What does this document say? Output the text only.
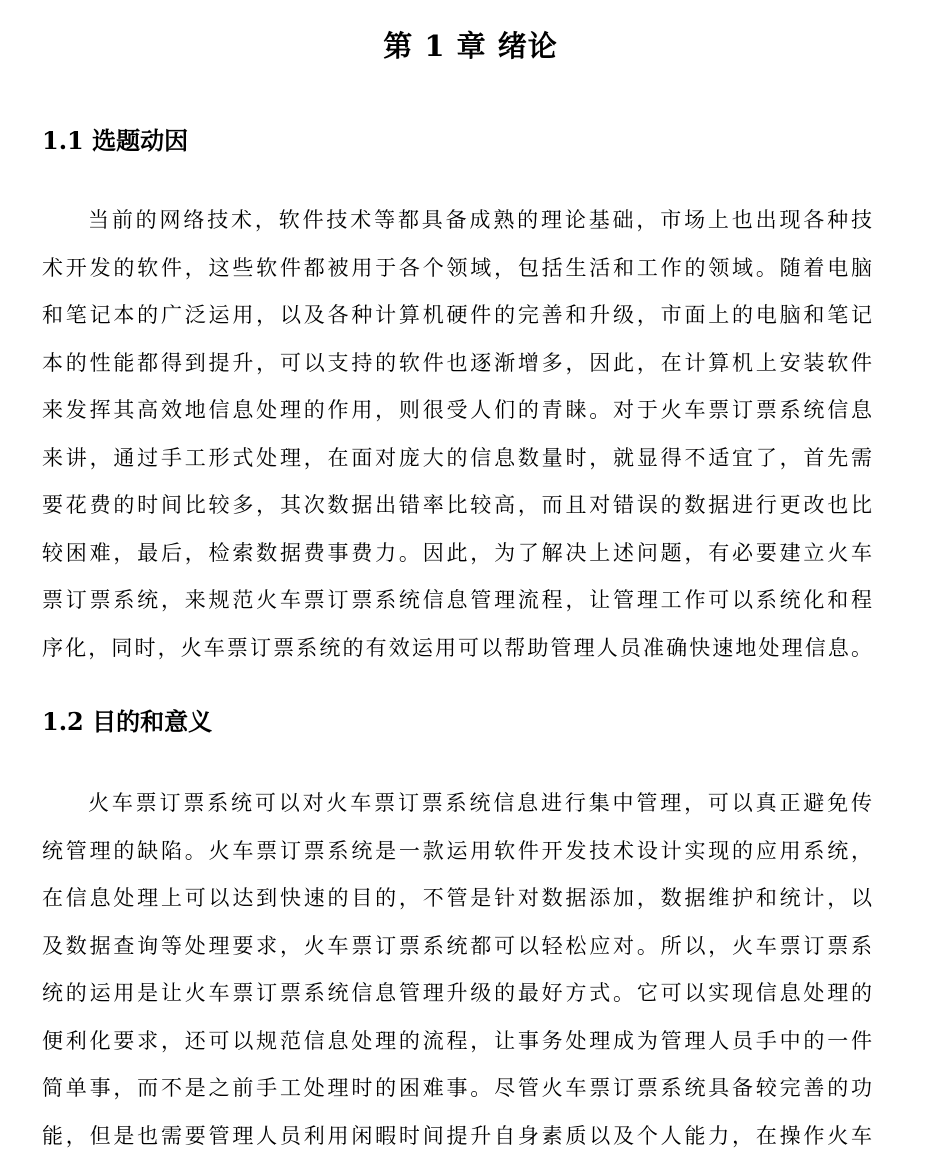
第 1 章 绪论
1.1 选题动因
当前的网络技术，软件技术等都具备成熟的理论基础，市场上也出现各种技
术开发的软件，这些软件都被用于各个领域，包括生活和工作的领域。随着电脑
和笔记本的广泛运用，以及各种计算机硬件的完善和升级，市面上的电脑和笔记
本的性能都得到提升，可以支持的软件也逐渐增多，因此，在计算机上安装软件
来发挥其高效地信息处理的作用，则很受人们的青睐。对于火车票订票系统信息
来讲，通过手工形式处理，在面对庞大的信息数量时，就显得不适宜了，首先需
要花费的时间比较多，其次数据出错率比较高，而且对错误的数据进行更改也比
较困难，最后，检索数据费事费力。因此，为了解决上述问题，有必要建立火车
票订票系统，来规范火车票订票系统信息管理流程，让管理工作可以系统化和程
序化，同时，火车票订票系统的有效运用可以帮助管理人员准确快速地处理信息。
1.2 目的和意义
火车票订票系统可以对火车票订票系统信息进行集中管理，可以真正避免传
统管理的缺陷。火车票订票系统是一款运用软件开发技术设计实现的应用系统，
在信息处理上可以达到快速的目的，不管是针对数据添加，数据维护和统计，以
及数据查询等处理要求，火车票订票系统都可以轻松应对。所以，火车票订票系
统的运用是让火车票订票系统信息管理升级的最好方式。它可以实现信息处理的
便利化要求，还可以规范信息处理的流程，让事务处理成为管理人员手中的一件
简单事，而不是之前手工处理时的困难事。尽管火车票订票系统具备较完善的功
能，但是也需要管理人员利用闲暇时间提升自身素质以及个人能力，在操作火车
